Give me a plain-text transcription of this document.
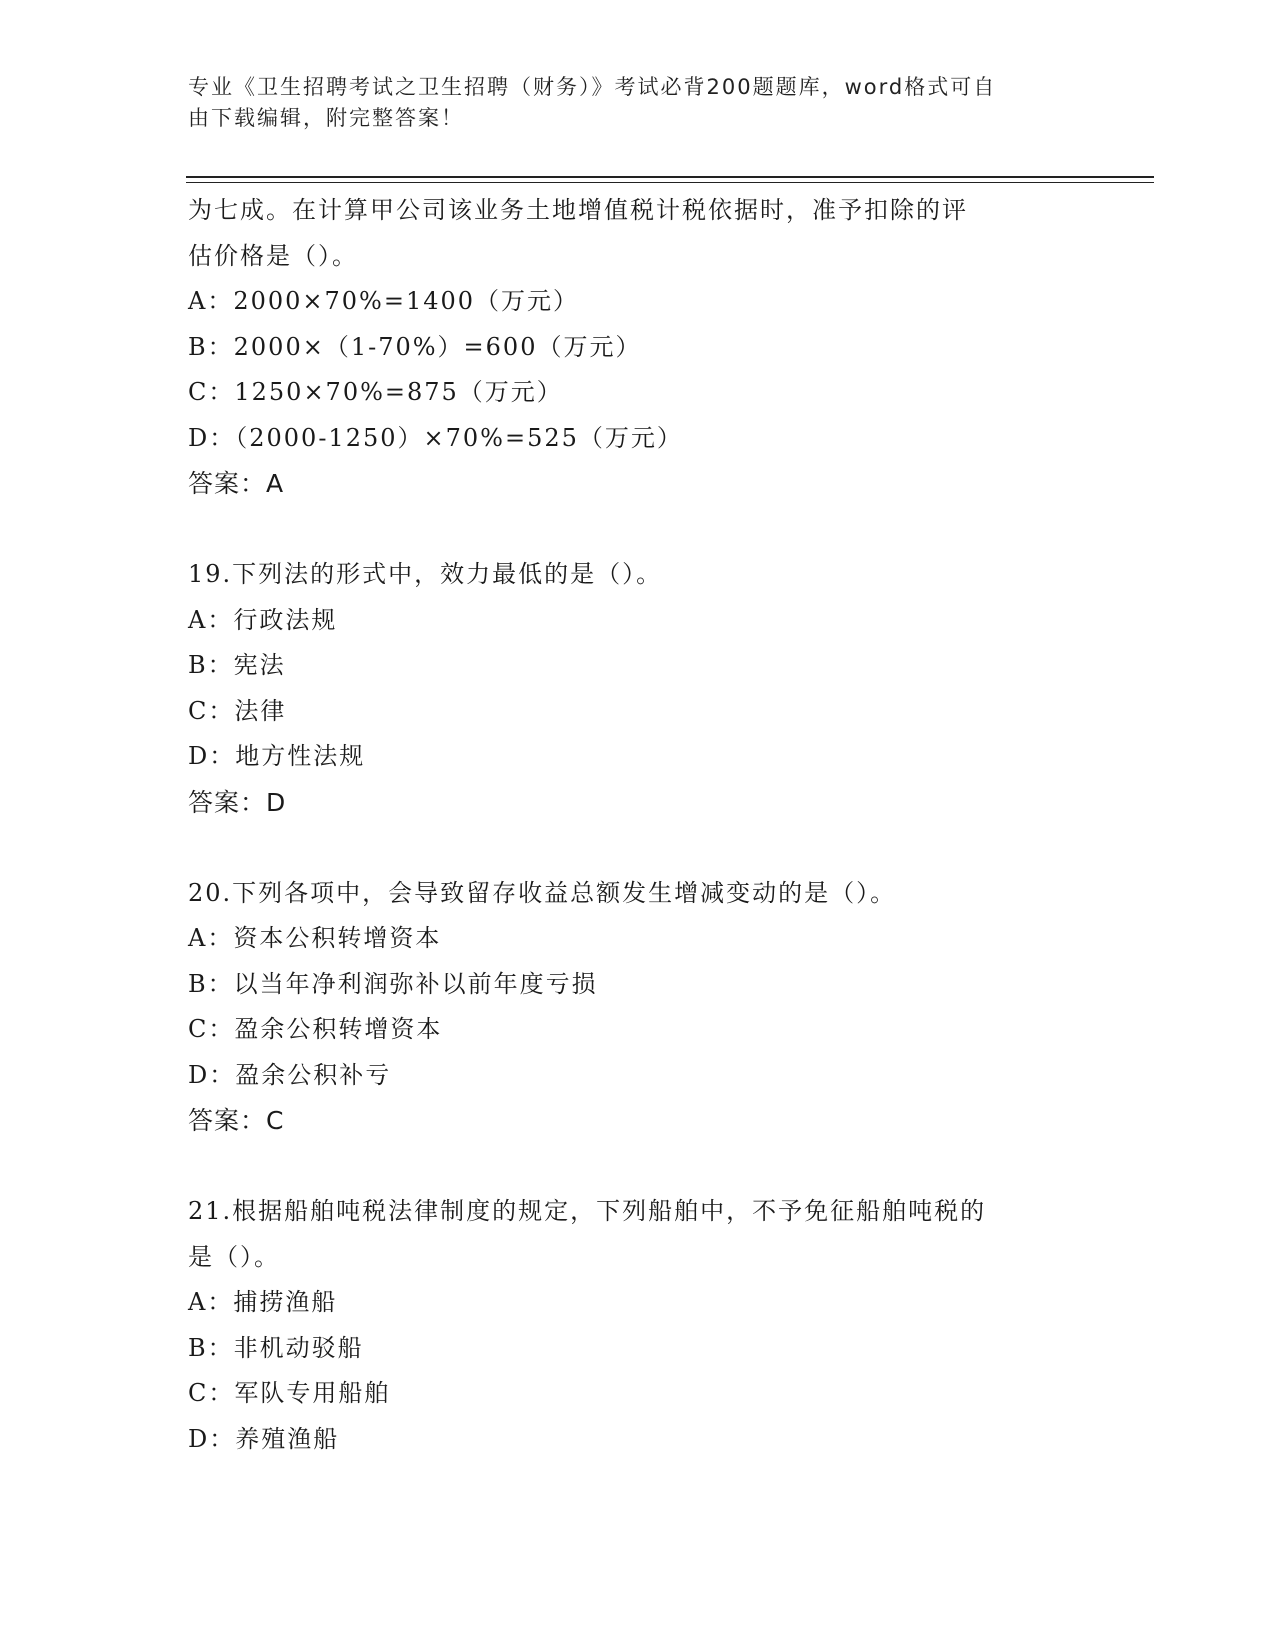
专业《卫生招聘考试之卫生招聘（财务）》考试必背200题题库，word格式可自
由下载编辑，附完整答案！
为七成。在计算甲公司该业务土地增值税计税依据时，准予扣除的评
估价格是（）。
A：2000×70%=1400（万元）
B：2000×（1-70%）=600（万元）
C：1250×70%=875（万元）
D：（2000-1250）×70%=525（万元）
答案：A
19.下列法的形式中，效力最低的是（）。
A：行政法规
B：宪法
C：法律
D：地方性法规
答案：D
20.下列各项中，会导致留存收益总额发生增减变动的是（）。
A：资本公积转增资本
B：以当年净利润弥补以前年度亏损
C：盈余公积转增资本
D：盈余公积补亏
答案：C
21.根据船舶吨税法律制度的规定，下列船舶中，不予免征船舶吨税的
是（）。
A：捕捞渔船
B：非机动驳船
C：军队专用船舶
D：养殖渔船
